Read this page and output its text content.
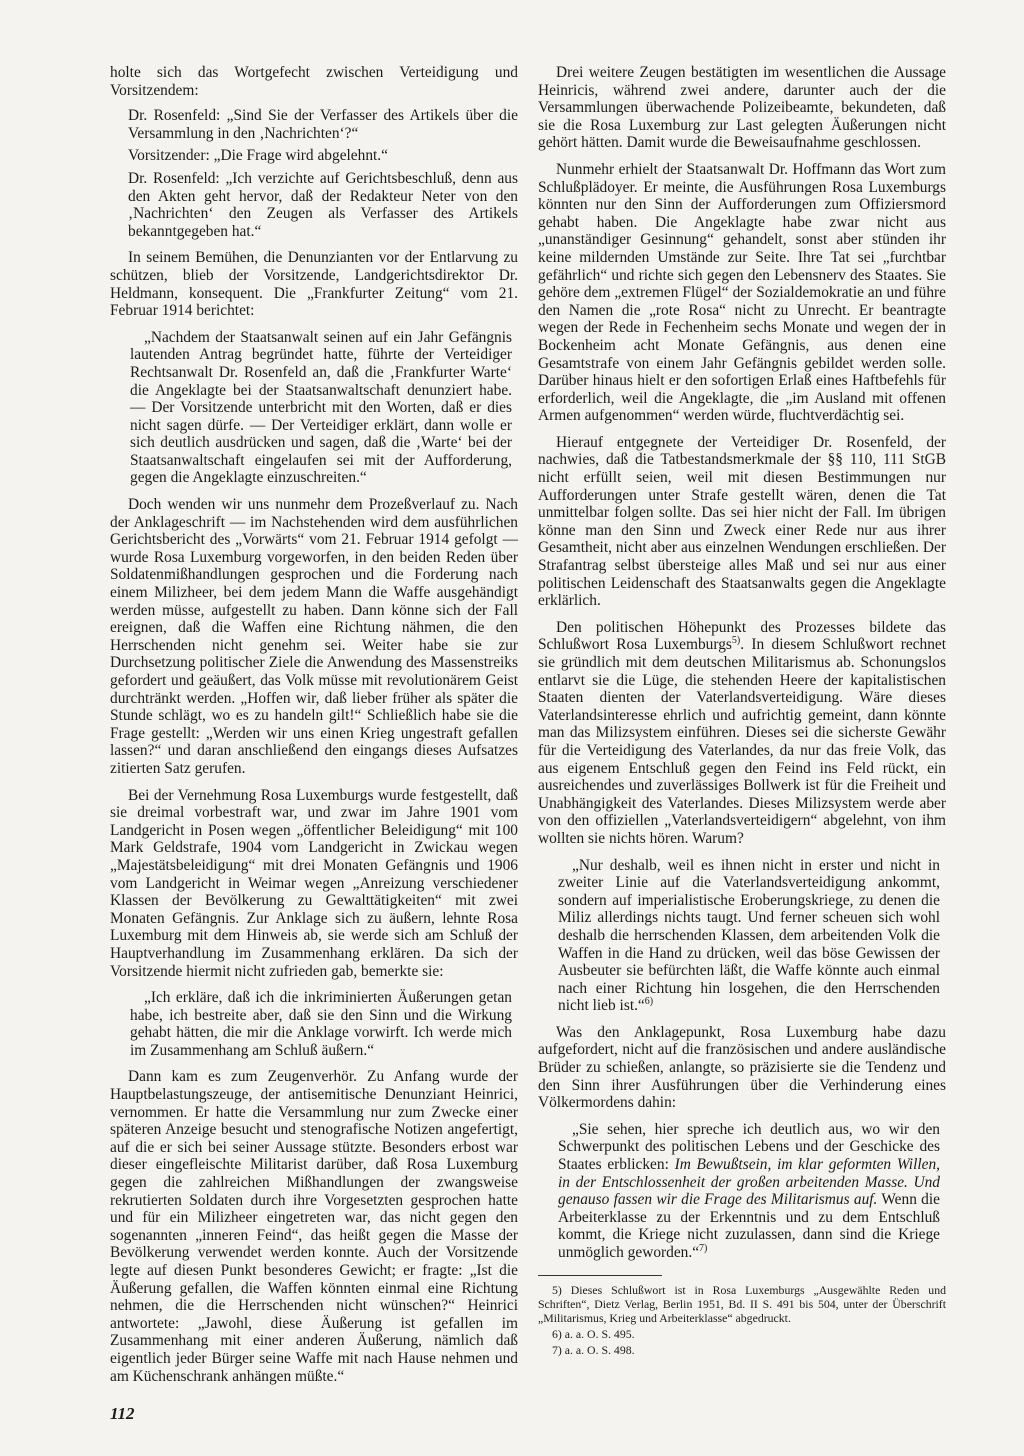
holte sich das Wortgefecht zwischen Verteidigung und Vorsitzendem:

Dr. Rosenfeld: „Sind Sie der Verfasser des Artikels über die Versammlung in den ‚Nachrichten‘?“

Vorsitzender: „Die Frage wird abgelehnt.“

Dr. Rosenfeld: „Ich verzichte auf Gerichtsbeschluß, denn aus den Akten geht hervor, daß der Redakteur Neter von den ‚Nachrichten‘ den Zeugen als Verfasser des Artikels bekanntgegeben hat.“

In seinem Bemühen, die Denunzianten vor der Entlarvung zu schützen, blieb der Vorsitzende, Landgerichtsdirektor Dr. Heldmann, konsequent. Die „Frankfurter Zeitung“ vom 21. Februar 1914 berichtet:

„Nachdem der Staatsanwalt seinen auf ein Jahr Gefängnis lautenden Antrag begründet hatte, führte der Verteidiger Rechtsanwalt Dr. Rosenfeld an, daß die ‚Frankfurter Warte‘ die Angeklagte bei der Staatsanwaltschaft denunziert habe. — Der Vorsitzende unterbricht mit den Worten, daß er dies nicht sagen dürfe. — Der Verteidiger erklärt, dann wolle er sich deutlich ausdrücken und sagen, daß die ‚Warte‘ bei der Staatsanwaltschaft eingelaufen sei mit der Aufforderung, gegen die Angeklagte einzuschreiten.“

Doch wenden wir uns nunmehr dem Prozeßverlauf zu. Nach der Anklageschrift — im Nachstehenden wird dem ausführlichen Gerichtsbericht des „Vorwärts“ vom 21. Februar 1914 gefolgt — wurde Rosa Luxemburg vorgeworfen, in den beiden Reden über Soldatenmißhandlungen gesprochen und die Forderung nach einem Milizheer, bei dem jedem Mann die Waffe ausgehändigt werden müsse, aufgestellt zu haben. Dann könne sich der Fall ereignen, daß die Waffen eine Richtung nähmen, die den Herrschenden nicht genehm sei. Weiter habe sie zur Durchsetzung politischer Ziele die Anwendung des Massenstreiks gefordert und geäußert, das Volk müsse mit revolutionärem Geist durchtränkt werden. „Hoffen wir, daß lieber früher als später die Stunde schlägt, wo es zu handeln gilt!“ Schließlich habe sie die Frage gestellt: „Werden wir uns einen Krieg ungestraft gefallen lassen?“ und daran anschließend den eingangs dieses Aufsatzes zitierten Satz gerufen.

Bei der Vernehmung Rosa Luxemburgs wurde festgestellt, daß sie dreimal vorbestraft war, und zwar im Jahre 1901 vom Landgericht in Posen wegen „öffentlicher Beleidigung“ mit 100 Mark Geldstrafe, 1904 vom Landgericht in Zwickau wegen „Majestätsbeleidigung“ mit drei Monaten Gefängnis und 1906 vom Landgericht in Weimar wegen „Anreizung verschiedener Klassen der Bevölkerung zu Gewalttätigkeiten“ mit zwei Monaten Gefängnis. Zur Anklage sich zu äußern, lehnte Rosa Luxemburg mit dem Hinweis ab, sie werde sich am Schluß der Hauptverhandlung im Zusammenhang erklären. Da sich der Vorsitzende hiermit nicht zufrieden gab, bemerkte sie:

„Ich erkläre, daß ich die inkriminierten Äußerungen getan habe, ich bestreite aber, daß sie den Sinn und die Wirkung gehabt hätten, die mir die Anklage vorwirft. Ich werde mich im Zusammenhang am Schluß äußern.“

Dann kam es zum Zeugenverhör. Zu Anfang wurde der Hauptbelastungszeuge, der antisemitische Denunziant Heinrici, vernommen. Er hatte die Versammlung nur zum Zwecke einer späteren Anzeige besucht und stenografische Notizen angefertigt, auf die er sich bei seiner Aussage stützte. Besonders erbost war dieser eingefleischte Militarist darüber, daß Rosa Luxemburg gegen die zahlreichen Mißhandlungen der zwangsweise rekrutierten Soldaten durch ihre Vorgesetzten gesprochen hatte und für ein Milizheer eingetreten war, das nicht gegen den sogenannten „inneren Feind“, das heißt gegen die Masse der Bevölkerung verwendet werden konnte. Auch der Vorsitzende legte auf diesen Punkt besonderes Gewicht; er fragte: „Ist die Äußerung gefallen, die Waffen könnten einmal eine Richtung nehmen, die die Herrschenden nicht wünschen?“ Heinrici antwortete: „Jawohl, diese Äußerung ist gefallen im Zusammenhang mit einer anderen Äußerung, nämlich daß eigentlich jeder Bürger seine Waffe mit nach Hause nehmen und am Küchenschrank anhängen müßte.“

Drei weitere Zeugen bestätigten im wesentlichen die Aussage Heinricis, während zwei andere, darunter auch der die Versammlungen überwachende Polizeibeamte, bekundeten, daß sie die Rosa Luxemburg zur Last gelegten Äußerungen nicht gehört hätten. Damit wurde die Beweisaufnahme geschlossen.

Nunmehr erhielt der Staatsanwalt Dr. Hoffmann das Wort zum Schlußplädoyer. Er meinte, die Ausführungen Rosa Luxemburgs könnten nur den Sinn der Aufforderungen zum Offiziersmord gehabt haben. Die Angeklagte habe zwar nicht aus „unanständiger Gesinnung“ gehandelt, sonst aber stünden ihr keine mildernden Umstände zur Seite. Ihre Tat sei „furchtbar gefährlich“ und richte sich gegen den Lebensnerv des Staates. Sie gehöre dem „extremen Flügel“ der Sozialdemokratie an und führe den Namen die „rote Rosa“ nicht zu Unrecht. Er beantragte wegen der Rede in Fechenheim sechs Monate und wegen der in Bockenheim acht Monate Gefängnis, aus denen eine Gesamtstrafe von einem Jahr Gefängnis gebildet werden solle. Darüber hinaus hielt er den sofortigen Erlaß eines Haftbefehls für erforderlich, weil die Angeklagte, die „im Ausland mit offenen Armen aufgenommen“ werden würde, fluchtverdächtig sei.

Hierauf entgegnete der Verteidiger Dr. Rosenfeld, der nachwies, daß die Tatbestandsmerkmale der §§ 110, 111 StGB nicht erfüllt seien, weil mit diesen Bestimmungen nur Aufforderungen unter Strafe gestellt wären, denen die Tat unmittelbar folgen sollte. Das sei hier nicht der Fall. Im übrigen könne man den Sinn und Zweck einer Rede nur aus ihrer Gesamtheit, nicht aber aus einzelnen Wendungen erschließen. Der Strafantrag selbst übersteige alles Maß und sei nur aus einer politischen Leidenschaft des Staatsanwalts gegen die Angeklagte erklärlich.

Den politischen Höhepunkt des Prozesses bildete das Schlußwort Rosa Luxemburgs$^{5)}$. In diesem Schlußwort rechnet sie gründlich mit dem deutschen Militarismus ab. Schonungslos entlarvt sie die Lüge, die stehenden Heere der kapitalistischen Staaten dienten der Vaterlandsverteidigung. Wäre dieses Vaterlandsinteresse ehrlich und aufrichtig gemeint, dann könnte man das Milizsystem einführen. Dieses sei die sicherste Gewähr für die Verteidigung des Vaterlandes, da nur das freie Volk, das aus eigenem Entschluß gegen den Feind ins Feld rückt, ein ausreichendes und zuverlässiges Bollwerk ist für die Freiheit und Unabhängigkeit des Vaterlandes. Dieses Milizsystem werde aber von den offiziellen „Vaterlandsverteidigern“ abgelehnt, von ihm wollten sie nichts hören. Warum?

„Nur deshalb, weil es ihnen nicht in erster und nicht in zweiter Linie auf die Vaterlandsverteidigung ankommt, sondern auf imperialistische Eroberungskriege, zu denen die Miliz allerdings nichts taugt. Und ferner scheuen sich wohl deshalb die herrschenden Klassen, dem arbeitenden Volk die Waffen in die Hand zu drücken, weil das böse Gewissen der Ausbeuter sie befürchten läßt, die Waffe könnte auch einmal nach einer Richtung hin losgehen, die den Herrschenden nicht lieb ist.“$^{6)}$

Was den Anklagepunkt, Rosa Luxemburg habe dazu aufgefordert, nicht auf die französischen und andere ausländische Brüder zu schießen, anlangte, so präzisierte sie die Tendenz und den Sinn ihrer Ausführungen über die Verhinderung eines Völkermordens dahin:

„Sie sehen, hier spreche ich deutlich aus, wo wir den Schwerpunkt des politischen Lebens und der Geschicke des Staates erblicken: Im Bewußtsein, im klar geformten Willen, in der Entschlossenheit der großen arbeitenden Masse. Und genauso fassen wir die Frage des Militarismus auf. Wenn die Arbeiterklasse zu der Erkenntnis und zu dem Entschluß kommt, die Kriege nicht zuzulassen, dann sind die Kriege unmöglich geworden.“$^{7)}$

5) Dieses Schlußwort ist in Rosa Luxemburgs „Ausgewählte Reden und Schriften“, Dietz Verlag, Berlin 1951, Bd. II S. 491 bis 504, unter der Überschrift „Militarismus, Krieg und Arbeiterklasse“ abgedruckt.

6) a. a. O. S. 495.

7) a. a. O. S. 498.

112
